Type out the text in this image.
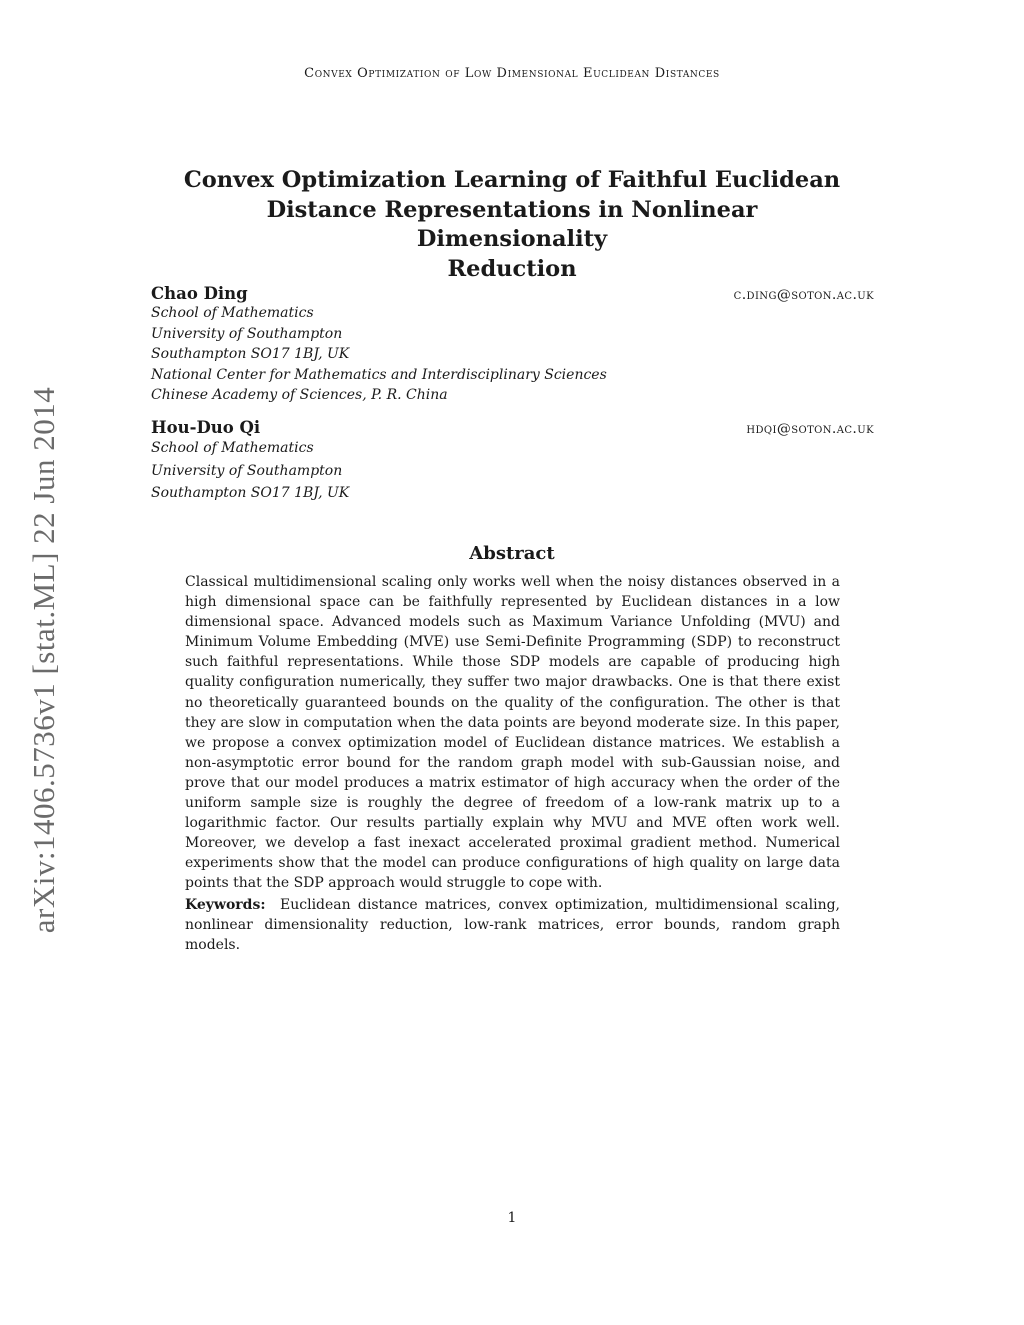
Convex Optimization of Low Dimensional Euclidean Distances
arXiv:1406.5736v1 [stat.ML] 22 Jun 2014
Convex Optimization Learning of Faithful Euclidean
Distance Representations in Nonlinear Dimensionality
Reduction
Chao Ding	c.ding@soton.ac.uk
School of Mathematics
University of Southampton
Southampton SO17 1BJ, UK
National Center for Mathematics and Interdisciplinary Sciences
Chinese Academy of Sciences, P. R. China
Hou-Duo Qi	hdqi@soton.ac.uk
School of Mathematics
University of Southampton
Southampton SO17 1BJ, UK
Abstract

Classical multidimensional scaling only works well when the noisy distances observed in a high dimensional space can be faithfully represented by Euclidean distances in a low dimensional space. Advanced models such as Maximum Variance Unfolding (MVU) and Minimum Volume Embedding (MVE) use Semi-Definite Programming (SDP) to reconstruct such faithful representations. While those SDP models are capable of producing high quality configuration numerically, they suffer two major drawbacks. One is that there exist no theoretically guaranteed bounds on the quality of the configuration. The other is that they are slow in computation when the data points are beyond moderate size. In this paper, we propose a convex optimization model of Euclidean distance matrices. We establish a non-asymptotic error bound for the random graph model with sub-Gaussian noise, and prove that our model produces a matrix estimator of high accuracy when the order of the uniform sample size is roughly the degree of freedom of a low-rank matrix up to a logarithmic factor. Our results partially explain why MVU and MVE often work well. Moreover, we develop a fast inexact accelerated proximal gradient method. Numerical experiments show that the model can produce configurations of high quality on large data points that the SDP approach would struggle to cope with.

Keywords: Euclidean distance matrices, convex optimization, multidimensional scaling, nonlinear dimensionality reduction, low-rank matrices, error bounds, random graph models.

1
